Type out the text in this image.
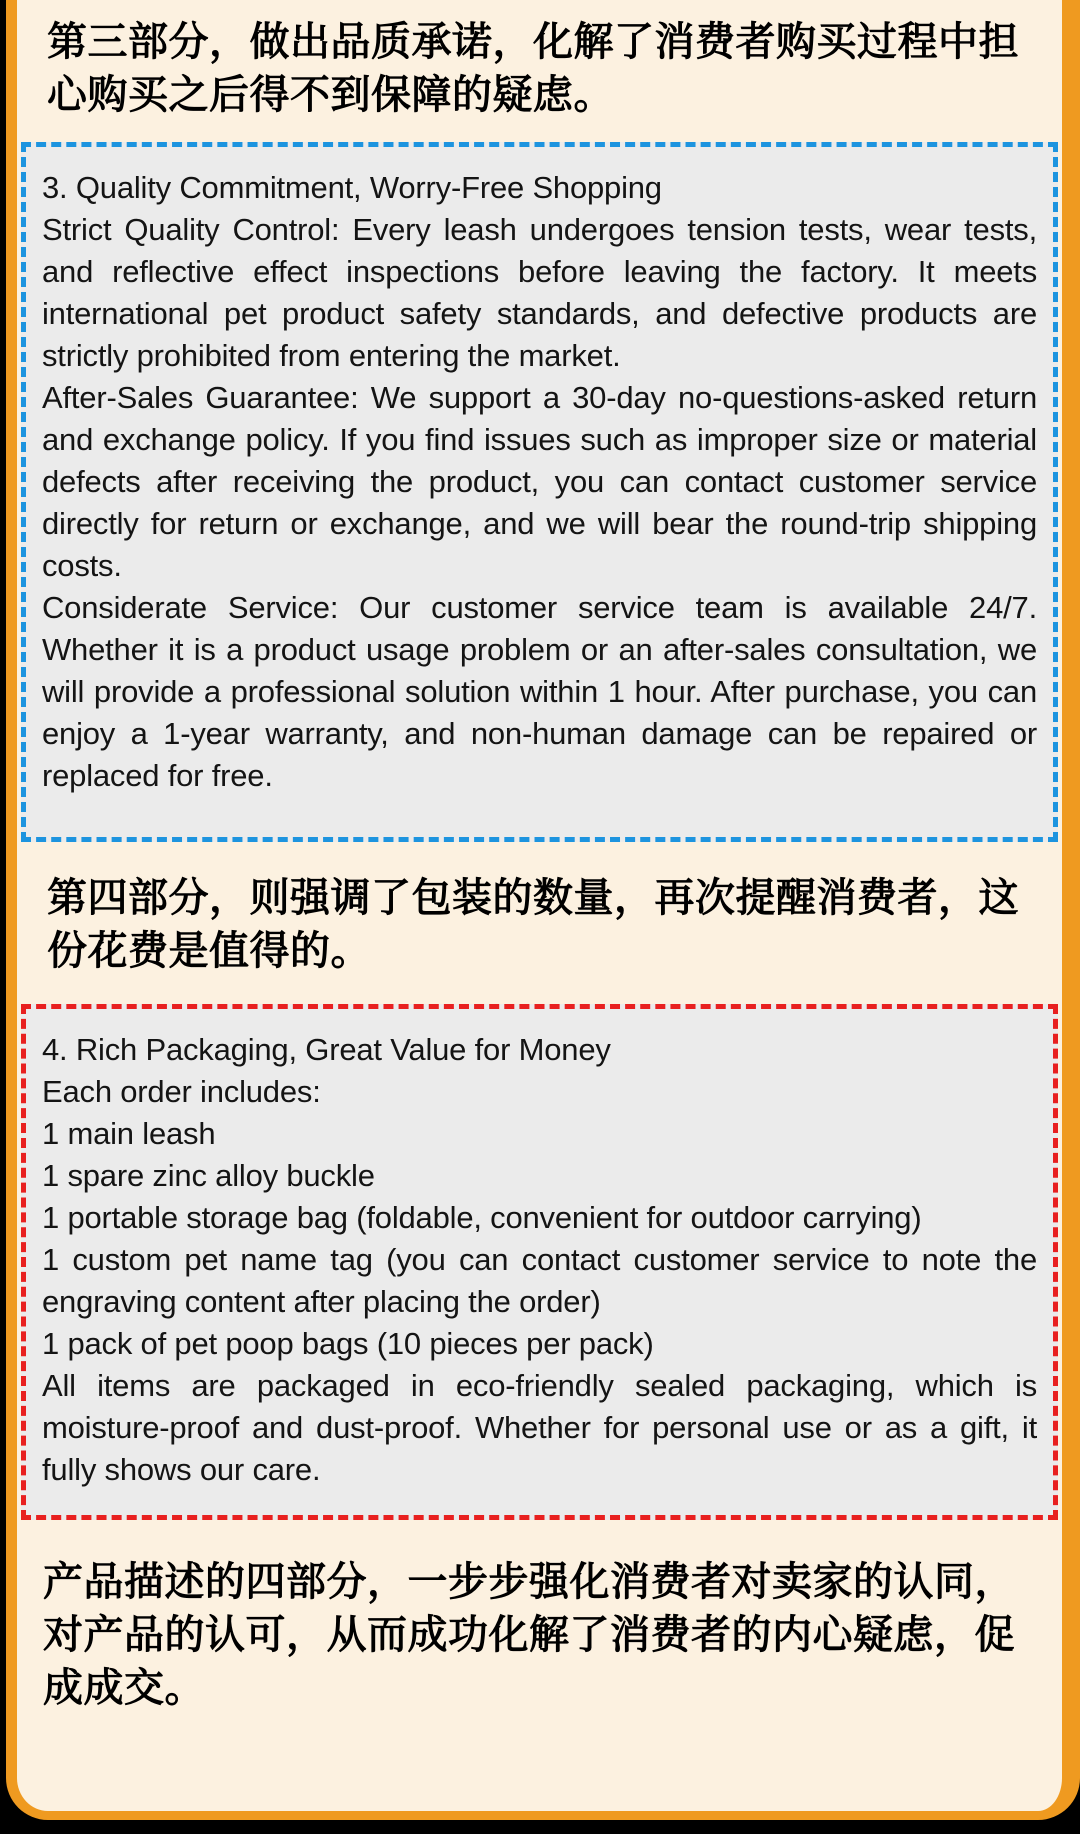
第三部分，做出品质承诺，化解了消费者购买过程中担心购买之后得不到保障的疑虑。

3. Quality Commitment, Worry-Free Shopping

Strict Quality Control: Every leash undergoes tension tests, wear tests, and reflective effect inspections before leaving the factory. It meets international pet product safety standards, and defective products are strictly prohibited from entering the market.

After-Sales Guarantee: We support a 30-day no-questions-asked return and exchange policy. If you find issues such as improper size or material defects after receiving the product, you can contact customer service directly for return or exchange, and we will bear the round-trip shipping costs.

Considerate Service: Our customer service team is available 24/7. Whether it is a product usage problem or an after-sales consultation, we will provide a professional solution within 1 hour. After purchase, you can enjoy a 1-year warranty, and non-human damage can be repaired or replaced for free.

第四部分，则强调了包装的数量，再次提醒消费者，这份花费是值得的。

4. Rich Packaging, Great Value for Money

Each order includes:

1 main leash

1 spare zinc alloy buckle

1 portable storage bag (foldable, convenient for outdoor carrying)

1 custom pet name tag (you can contact customer service to note the engraving content after placing the order)

1 pack of pet poop bags (10 pieces per pack)

All items are packaged in eco-friendly sealed packaging, which is moisture-proof and dust-proof. Whether for personal use or as a gift, it fully shows our care.

产品描述的四部分，一步步强化消费者对卖家的认同，对产品的认可，从而成功化解了消费者的内心疑虑，促成成交。
